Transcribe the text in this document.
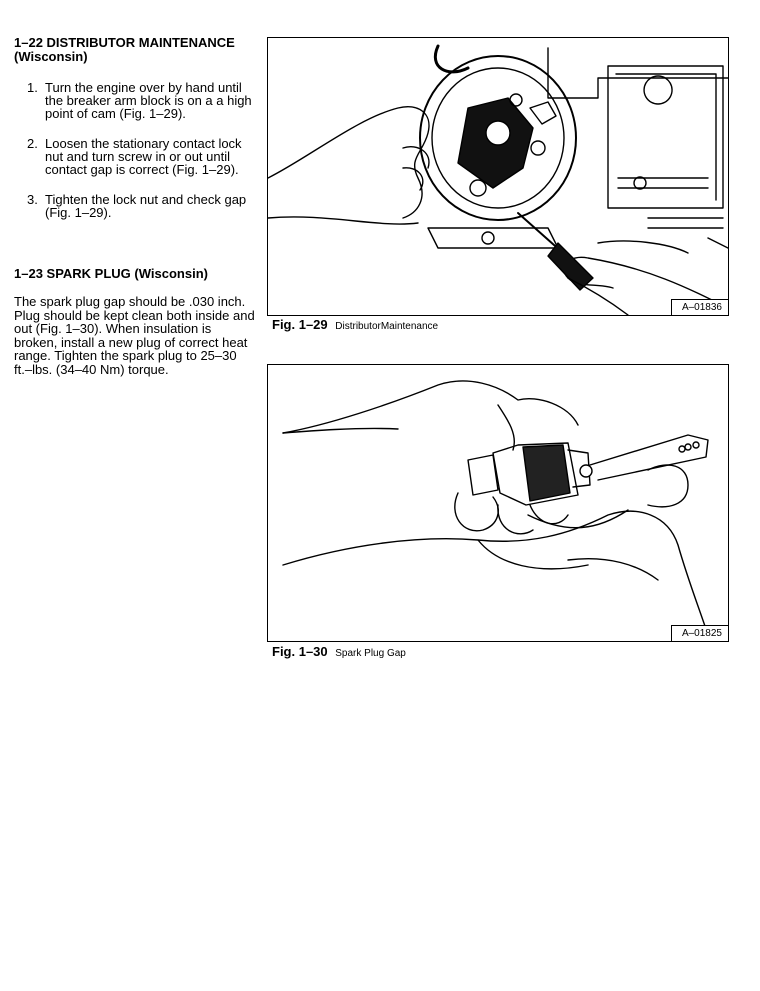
1–22 DISTRIBUTOR MAINTENANCE
(Wisconsin)

1. Turn the engine over by hand until the breaker arm block is on a a high point of cam (Fig. 1–29).
2. Loosen the stationary contact lock nut and turn screw in or out until contact gap is correct (Fig. 1–29).
3. Tighten the lock nut and check gap (Fig. 1–29).

1–23 SPARK PLUG (Wisconsin)

The spark plug gap should be .030 inch. Plug should be kept clean both inside and out (Fig. 1–30). When insulation is broken, install a new plug of correct heat range. Tighten the spark plug to 25–30 ft.–lbs. (34–40 Nm) torque.

A–01836
Fig. 1–29 DistributorMaintenance
A–01825
Fig. 1–30 Spark Plug Gap
